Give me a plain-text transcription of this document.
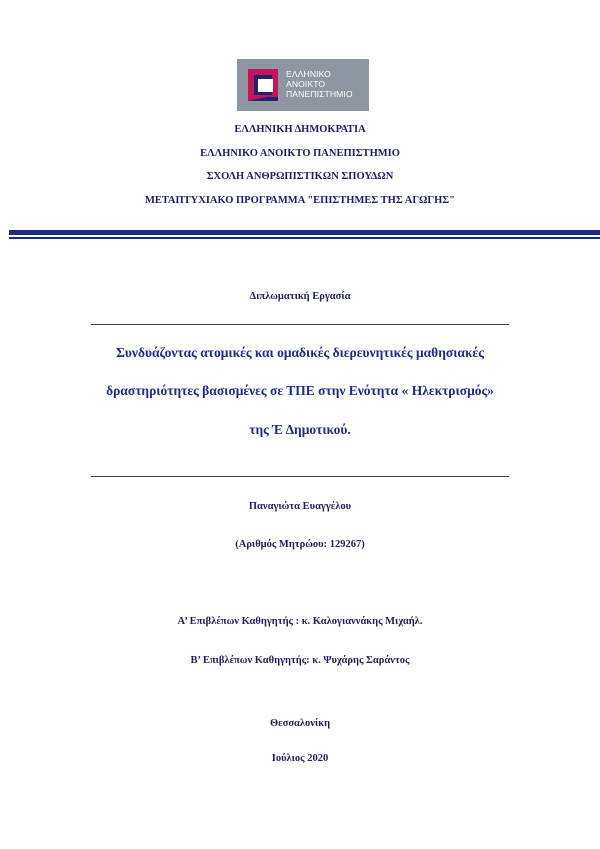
ΕΛΛΗΝΙΚΟ
ΑΝΟΙΚΤΟ
ΠΑΝΕΠΙΣΤΗΜΙΟ
ΕΛΛΗΝΙΚΗ ΔΗΜΟΚΡΑΤΙΑ
ΕΛΛΗΝΙΚΟ ΑΝΟΙΚΤΟ ΠΑΝΕΠΙΣΤΗΜΙΟ
ΣΧΟΛΗ ΑΝΘΡΩΠΙΣΤΙΚΩΝ ΣΠΟΥΔΩΝ
ΜΕΤΑΠΤΥΧΙΑΚΟ ΠΡΟΓΡΑΜΜΑ "ΕΠΙΣΤΗΜΕΣ ΤΗΣ ΑΓΩΓΗΣ"
Διπλωματική Εργασία
Συνδυάζοντας ατομικές και ομαδικές διερευνητικές μαθησιακές
δραστηριότητες βασισμένες σε ΤΠΕ στην Ενότητα « Ηλεκτρισμός»
της Έ Δημοτικού.
Παναγιώτα Ευαγγέλου
(Αριθμός Μητρώου: 129267)
Α’ Επιβλέπων Καθηγητής : κ. Καλογιαννάκης Μιχαήλ.
Β’ Επιβλέπων Καθηγητής: κ. Ψυχάρης Σαράντος
Θεσσαλονίκη
Ιούλιος 2020
